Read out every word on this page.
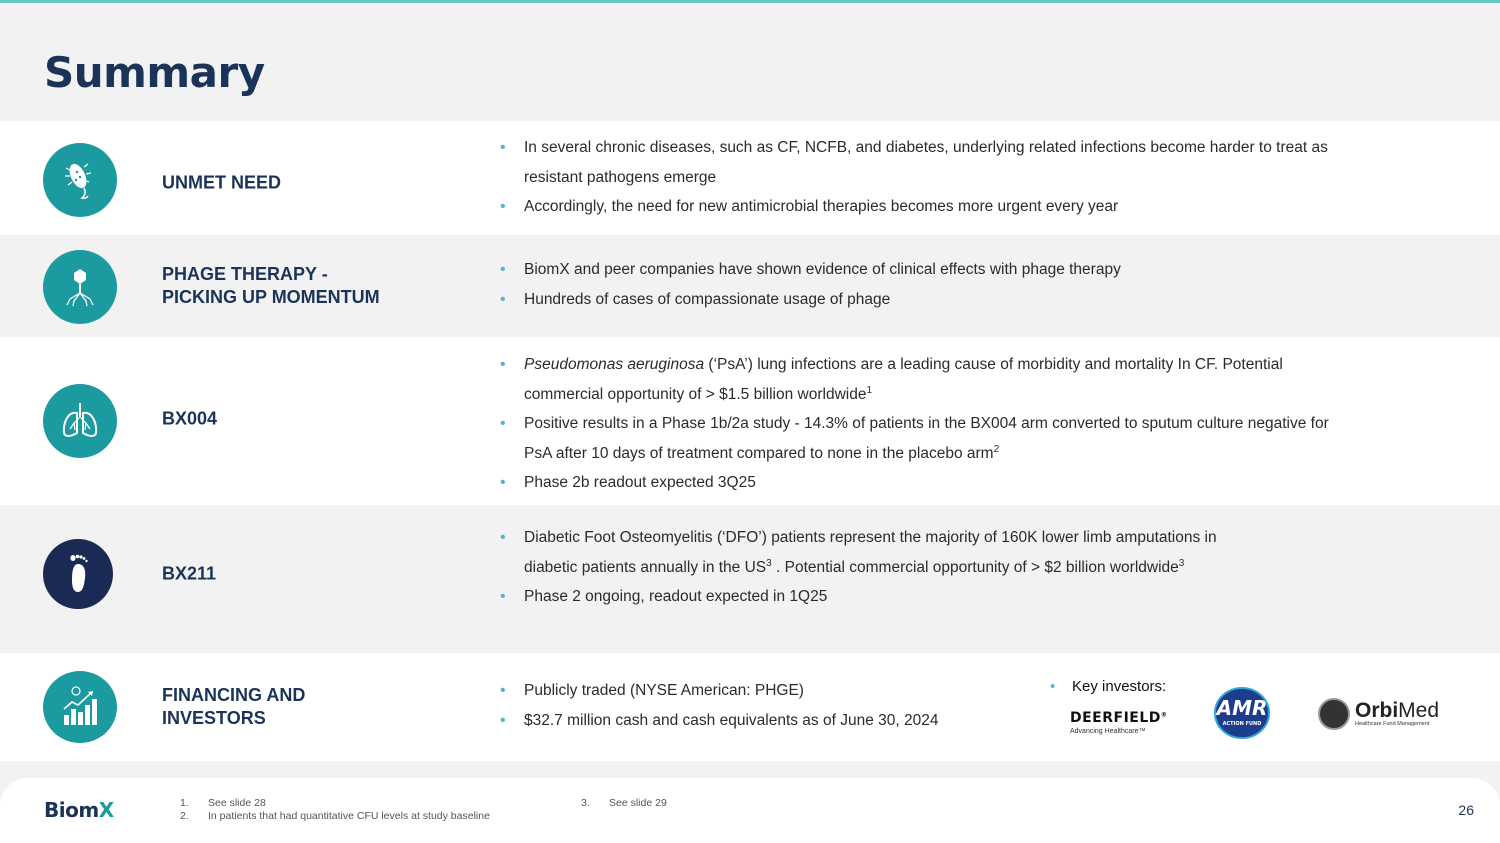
Summary
UNMET NEED
• In several chronic diseases, such as CF, NCFB, and diabetes, underlying related infections become harder to treat as resistant pathogens emerge
• Accordingly, the need for new antimicrobial therapies becomes more urgent every year
PHAGE THERAPY -
PICKING UP MOMENTUM
• BiomX and peer companies have shown evidence of clinical effects with phage therapy
• Hundreds of cases of compassionate usage of phage
BX004
• Pseudomonas aeruginosa (‘PsA’) lung infections are a leading cause of morbidity and mortality In CF. Potential commercial opportunity of > $1.5 billion worldwide$^1$
• Positive results in a Phase 1b/2a study - 14.3% of patients in the BX004 arm converted to sputum culture negative for PsA after 10 days of treatment compared to none in the placebo arm$^2$
• Phase 2b readout expected 3Q25
BX211
• Diabetic Foot Osteomyelitis (‘DFO’) patients represent the majority of 160K lower limb amputations in diabetic patients annually in the $US^3$ . Potential commercial opportunity of > $2 billion worldwide$^3$
• Phase 2 ongoing, readout expected in 1Q25
FINANCING AND
INVESTORS
• Publicly traded (NYSE American: PHGE)
• $32.7 million cash and cash equivalents as of June 30, 2024
• Key investors:
DEERFIELD®
Advancing Healthcare™
AMR
ACTION FUND
OrbiMed
Healthcare Fund Management
BiomX	1.	See slide 28
2.	In patients that had quantitative CFU levels at study baseline
3.	See slide 29	26
